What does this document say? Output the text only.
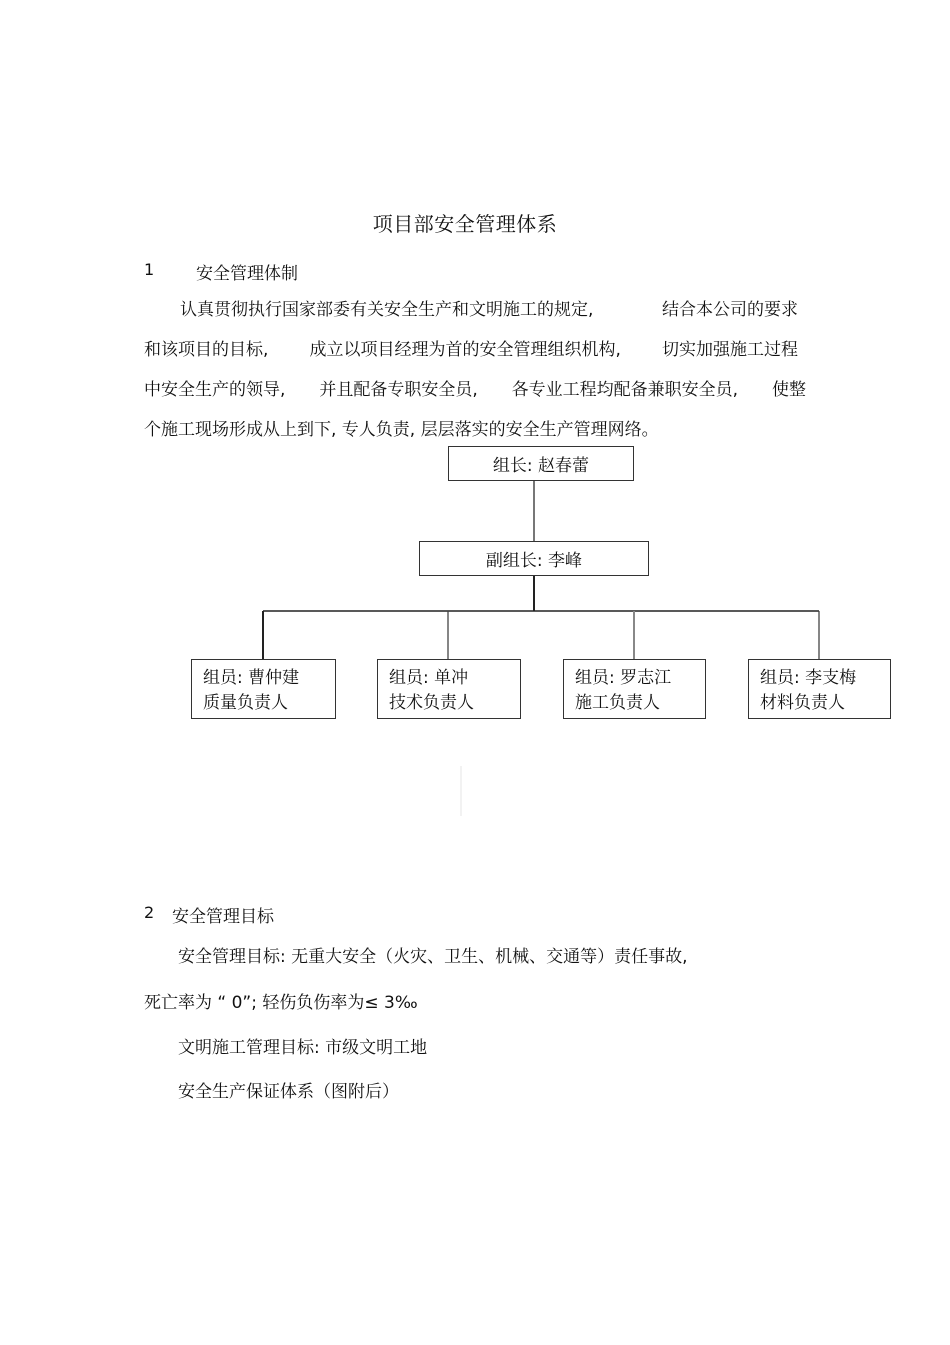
项目部安全管理体系
1 安全管理体制
认真贯彻执行国家部委有关安全生产和文明施工的规定,	结合本公司的要求
和该项目的目标, 成立以项目经理为首的安全管理组织机构, 切实加强施工过程
中安全生产的领导, 并且配备专职安全员, 各专业工程均配备兼职安全员, 使整
个施工现场形成从上到下, 专人负责, 层层落实的安全生产管理网络。
组长: 赵春蕾
副组长: 李峰
组员: 曹仲建
质量负责人
组员: 单冲
技术负责人
组员: 罗志江
施工负责人
组员: 李支梅
材料负责人
2 安全管理目标
安全管理目标: 无重大安全（火灾、卫生、机械、交通等）责任事故,
死亡率为 “ 0”; 轻伤负伤率为≤ 3‰
文明施工管理目标: 市级文明工地
安全生产保证体系（图附后）
